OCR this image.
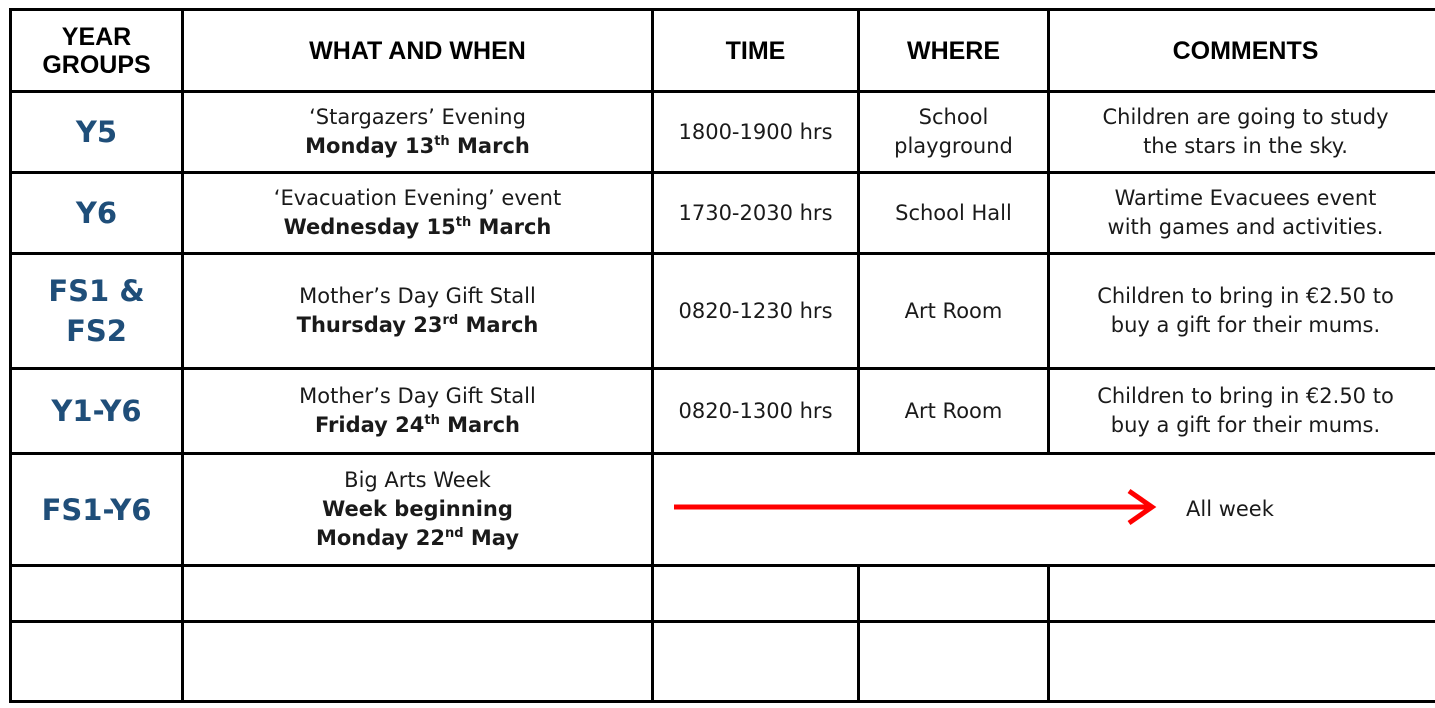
YEAR
GROUPS	WHAT AND WHEN	TIME	WHERE	COMMENTS
Y5	‘Stargazers’ Evening
Monday 13th March	1800-1900 hrs	School
playground	Children are going to study
the stars in the sky.

Y6	‘Evacuation Evening’ event
Wednesday 15th March	1730-2030 hrs	School Hall	Wartime Evacuees event
with games and activities.

FS1 &
FS2	Mother’s Day Gift Stall
Thursday 23rd March	0820-1230 hrs	Art Room	Children to bring in €2.50 to
buy a gift for their mums.

Y1-Y6	Mother’s Day Gift Stall
Friday 24th March	0820-1300 hrs	Art Room	Children to bring in €2.50 to
buy a gift for their mums.

FS1-Y6	Big Arts Week
Week beginning
Monday 22nd May	All week		
